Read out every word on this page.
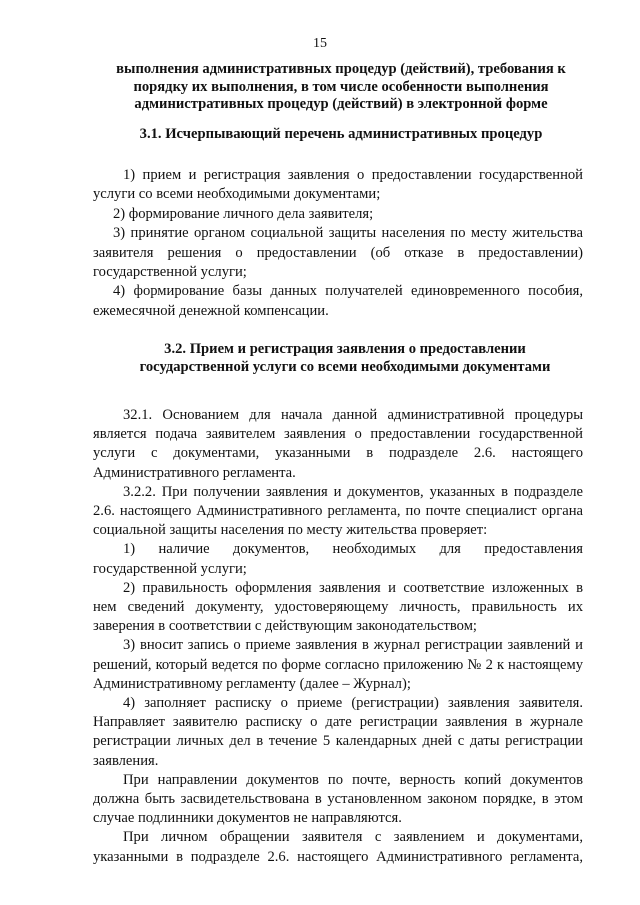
15
выполнения административных процедур (действий), требования к порядку их выполнения, в том числе особенности выполнения административных процедур (действий) в электронной форме
3.1. Исчерпывающий перечень административных процедур

1) прием и регистрация заявления о предоставлении государственной услуги со всеми необходимыми документами;

2) формирование личного дела заявителя;

3) принятие органом социальной защиты населения по месту жительства заявителя решения о предоставлении (об отказе в предоставлении) государственной услуги;

4) формирование базы данных получателей единовременного пособия, ежемесячной денежной компенсации.

3.2. Прием и регистрация заявления о предоставлении государственной услуги со всеми необходимыми документами

32.1. Основанием для начала данной административной процедуры является подача заявителем заявления о предоставлении государственной услуги с документами, указанными в подразделе 2.6. настоящего Административного регламента.

3.2.2. При получении заявления и документов, указанных в подразделе 2.6. настоящего Административного регламента, по почте специалист органа социальной защиты населения по месту жительства проверяет:

1) наличие документов, необходимых для предоставления государственной услуги;

2) правильность оформления заявления и соответствие изложенных в нем сведений документу, удостоверяющему личность, правильность их заверения в соответствии с действующим законодательством;

3) вносит запись о приеме заявления в журнал регистрации заявлений и решений, который ведется по форме согласно приложению № 2 к настоящему Административному регламенту (далее – Журнал);

4) заполняет расписку о приеме (регистрации) заявления заявителя. Направляет заявителю расписку о дате регистрации заявления в журнале регистрации личных дел в течение 5 календарных дней с даты регистрации заявления.

При направлении документов по почте, верность копий документов должна быть засвидетельствована в установленном законом порядке, в этом случае подлинники документов не направляются.

При личном обращении заявителя с заявлением и документами, указанными в подразделе 2.6. настоящего Административного регламента,
